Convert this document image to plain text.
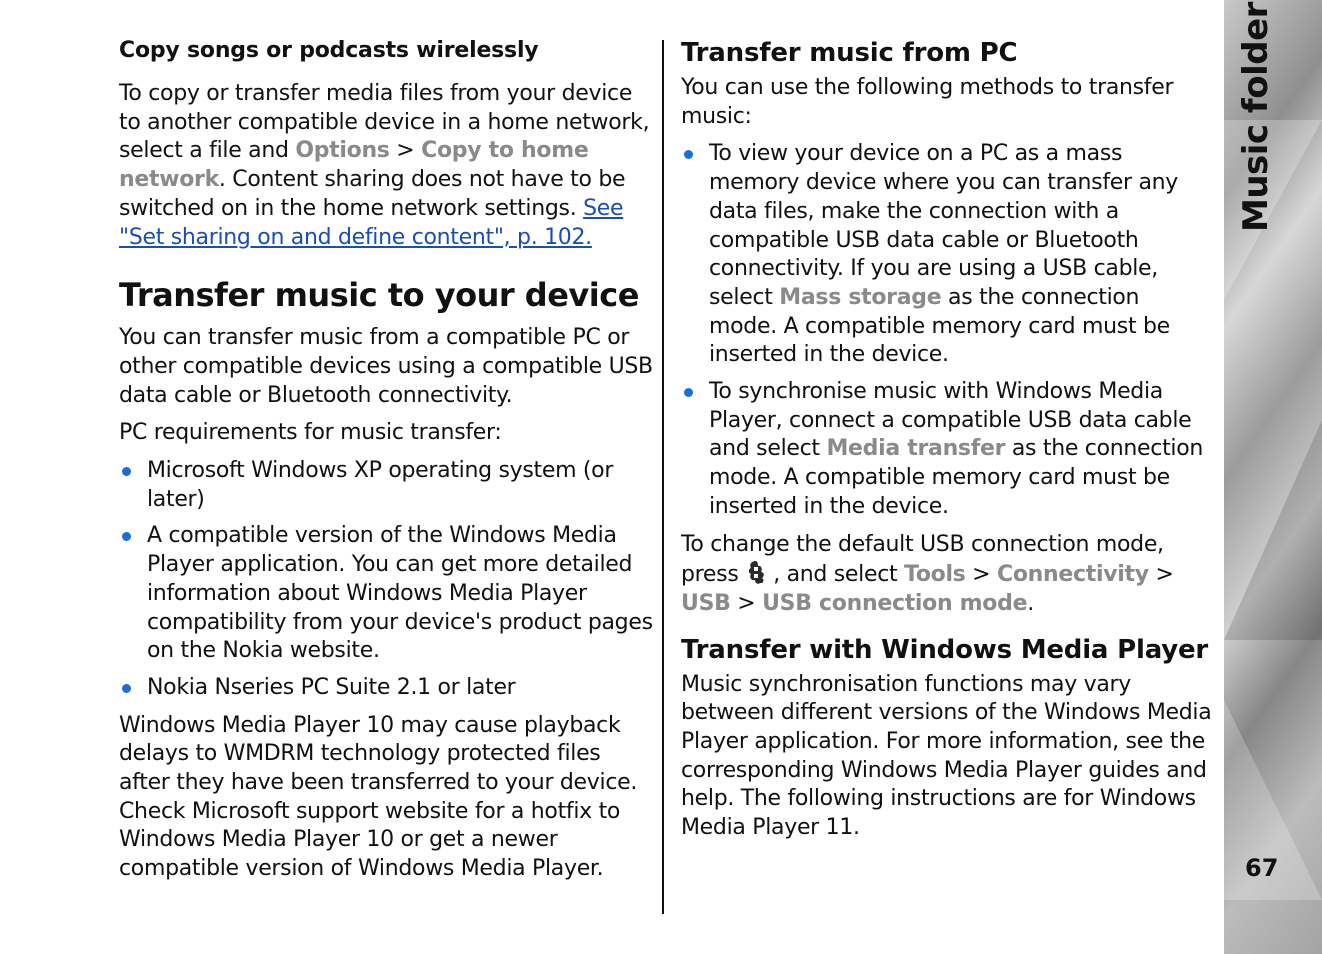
Copy songs or podcasts wirelessly

To copy or transfer media files from your device to another compatible device in a home network, select a file and Options > Copy to home network. Content sharing does not have to be switched on in the home network settings. See "Set sharing on and define content", p. 102.

Transfer music to your device

You can transfer music from a compatible PC or other compatible devices using a compatible USB data cable or Bluetooth connectivity.

PC requirements for music transfer:

Microsoft Windows XP operating system (or later)
A compatible version of the Windows Media Player application. You can get more detailed information about Windows Media Player compatibility from your device's product pages on the Nokia website.
Nokia Nseries PC Suite 2.1 or later

Windows Media Player 10 may cause playback delays to WMDRM technology protected files after they have been transferred to your device. Check Microsoft support website for a hotfix to Windows Media Player 10 or get a newer compatible version of Windows Media Player.

Transfer music from PC

You can use the following methods to transfer music:

To view your device on a PC as a mass memory device where you can transfer any data files, make the connection with a compatible USB data cable or Bluetooth connectivity. If you are using a USB cable, select Mass storage as the connection mode. A compatible memory card must be inserted in the device.
To synchronise music with Windows Media Player, connect a compatible USB data cable and select Media transfer as the connection mode. A compatible memory card must be inserted in the device.

To change the default USB connection mode, press , and select Tools > Connectivity > USB > USB connection mode.

Transfer with Windows Media Player

Music synchronisation functions may vary between different versions of the Windows Media Player application. For more information, see the corresponding Windows Media Player guides and help. The following instructions are for Windows Media Player 11.

Music folder
67
